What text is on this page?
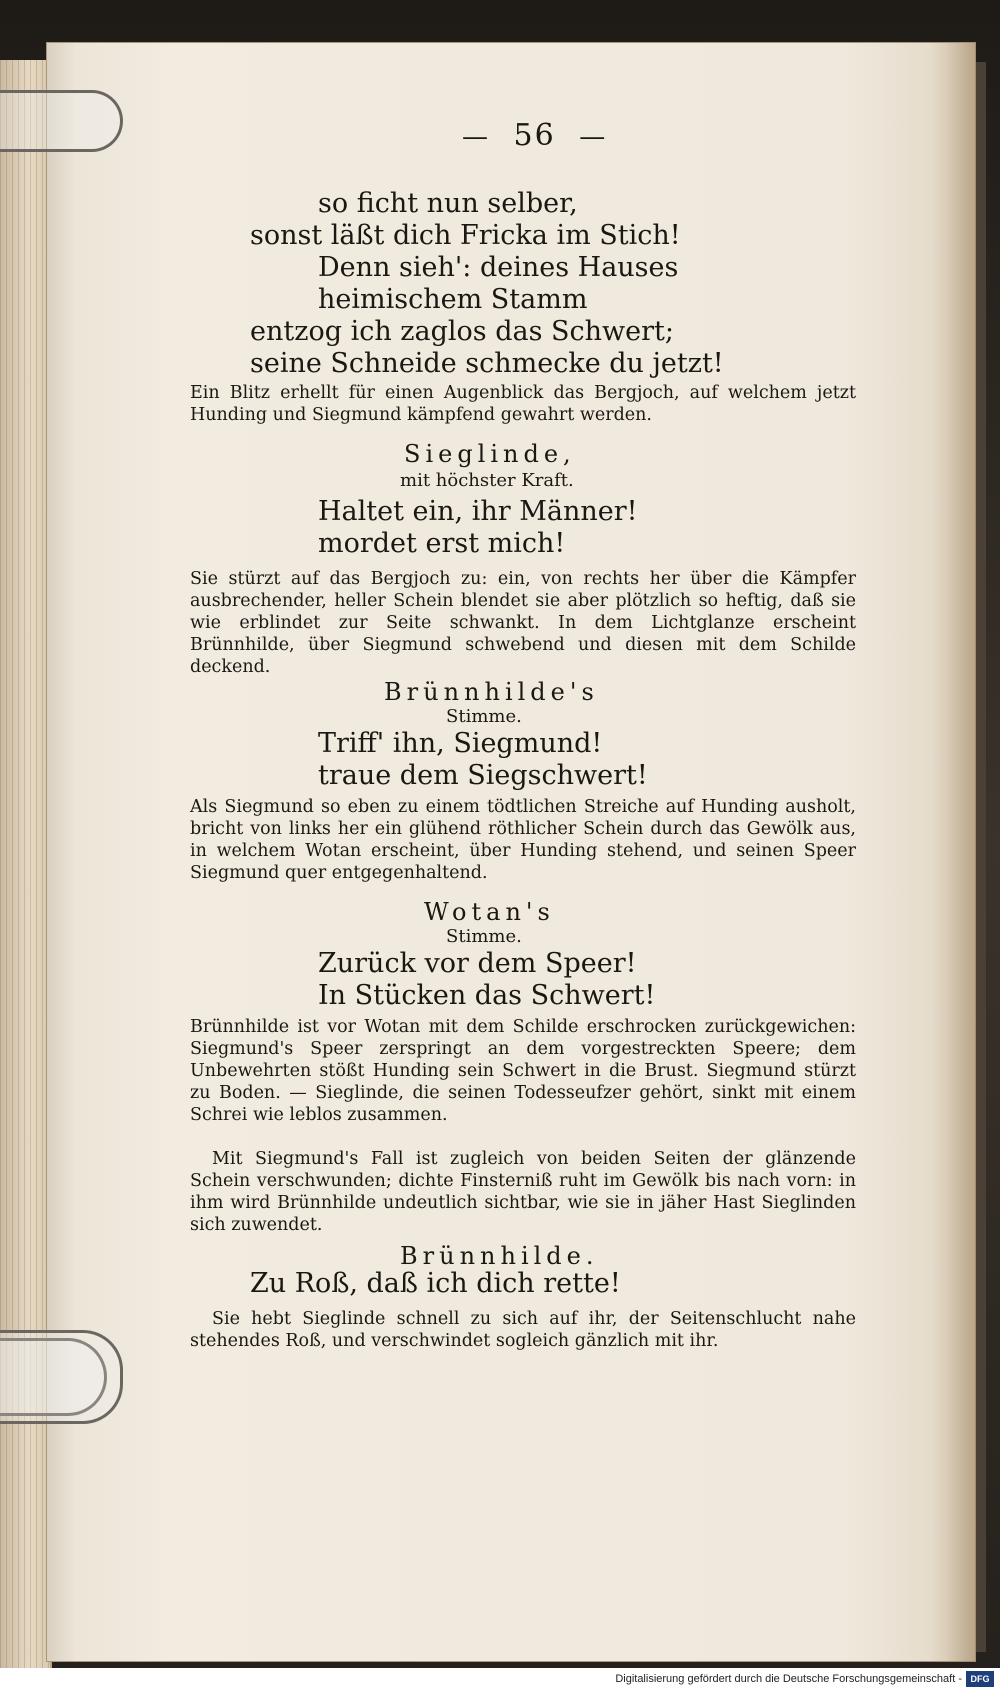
— 56 —
so ficht nun selber,
sonst läßt dich Fricka im Stich!
Denn sieh': deines Hauses
heimischem Stamm
entzog ich zaglos das Schwert;
seine Schneide schmecke du jetzt!
Ein Blitz erhellt für einen Augenblick das Bergjoch, auf welchem jetzt Hunding und Siegmund kämpfend gewahrt werden.
Sieglinde,
mit höchster Kraft.
Haltet ein, ihr Männer!
mordet erst mich!
Sie stürzt auf das Bergjoch zu: ein, von rechts her über die Kämpfer ausbrechender, heller Schein blendet sie aber plötzlich so heftig, daß sie wie erblindet zur Seite schwankt. In dem Lichtglanze erscheint Brünnhilde, über Siegmund schwebend und diesen mit dem Schilde deckend.
Brünnhilde's
Stimme.
Triff' ihn, Siegmund!
traue dem Siegschwert!
Als Siegmund so eben zu einem tödtlichen Streiche auf Hunding ausholt, bricht von links her ein glühend röthlicher Schein durch das Gewölk aus, in welchem Wotan erscheint, über Hunding stehend, und seinen Speer Siegmund quer entgegenhaltend.
Wotan's
Stimme.
Zurück vor dem Speer!
In Stücken das Schwert!
Brünnhilde ist vor Wotan mit dem Schilde erschrocken zurückgewichen: Siegmund's Speer zerspringt an dem vorgestreckten Speere; dem Unbewehrten stößt Hunding sein Schwert in die Brust. Siegmund stürzt zu Boden. — Sieglinde, die seinen Todesseufzer gehört, sinkt mit einem Schrei wie leblos zusammen.
Mit Siegmund's Fall ist zugleich von beiden Seiten der glänzende Schein verschwunden; dichte Finsterniß ruht im Gewölk bis nach vorn: in ihm wird Brünnhilde undeutlich sichtbar, wie sie in jäher Hast Sieglinden sich zuwendet.
Brünnhilde.
Zu Roß, daß ich dich rette!
Sie hebt Sieglinde schnell zu sich auf ihr, der Seitenschlucht nahe stehendes Roß, und verschwindet sogleich gänzlich mit ihr.
Digitalisierung gefördert durch die Deutsche Forschungsgemeinschaft - DFG
